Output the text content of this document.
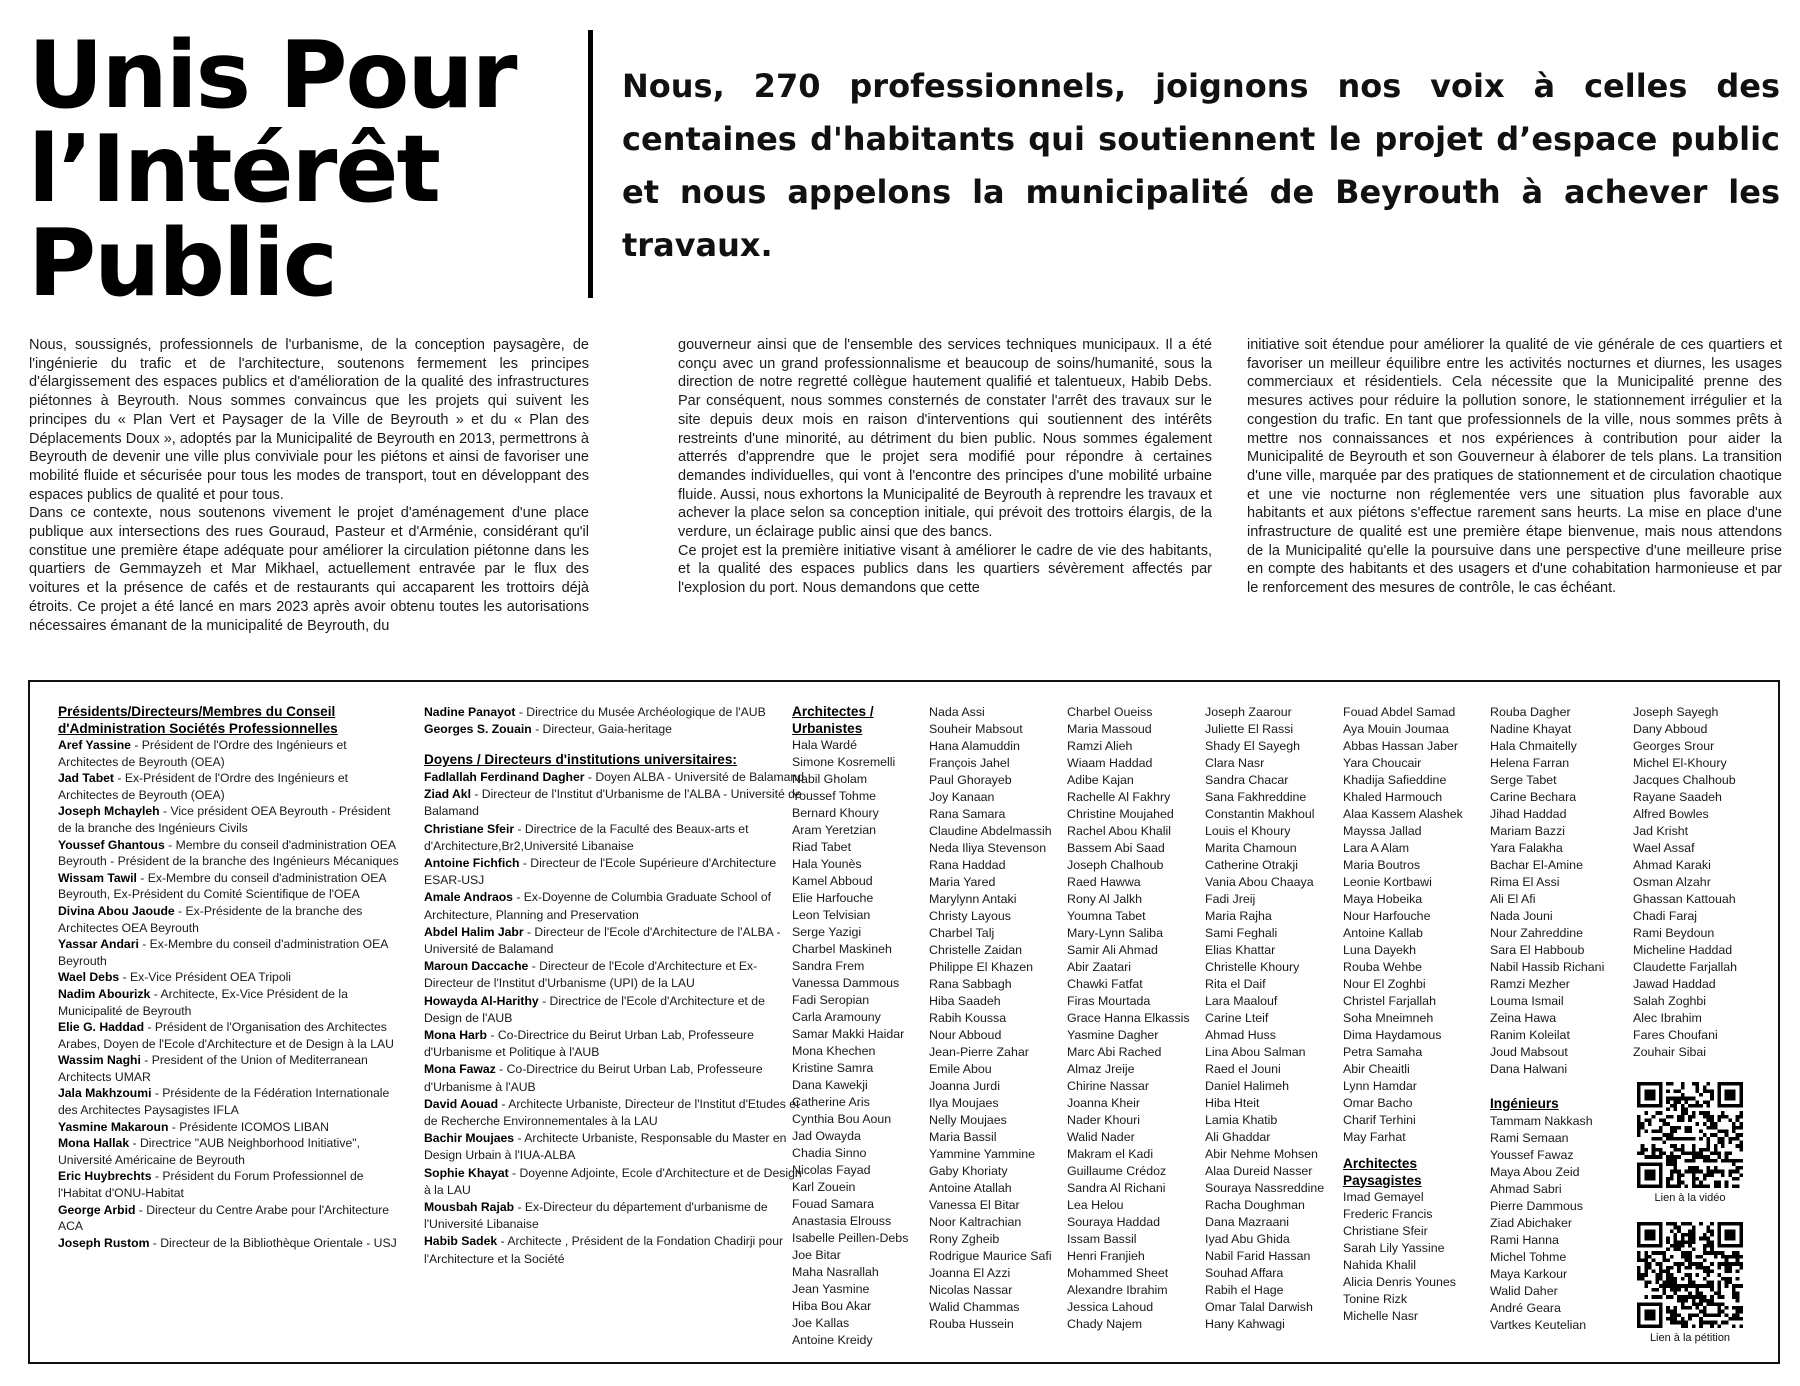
Unis Pour
l’Intérêt
Public
Nous, 270 professionnels, joignons nos voix à celles des centaines d'habitants qui soutiennent le projet d’espace public et nous appelons la municipalité de Beyrouth à achever les travaux.

Nous, soussignés, professionnels de l'urbanisme, de la conception paysagère, de l'ingénierie du trafic et de l'architecture, soutenons fermement les principes d'élargissement des espaces publics et d'amélioration de la qualité des infrastructures piétonnes à Beyrouth. Nous sommes convaincus que les projets qui suivent les principes du « Plan Vert et Paysager de la Ville de Beyrouth » et du « Plan des Déplacements Doux », adoptés par la Municipalité de Beyrouth en 2013, permettrons à Beyrouth de devenir une ville plus conviviale pour les piétons et ainsi de favoriser une mobilité fluide et sécurisée pour tous les modes de transport, tout en développant des espaces publics de qualité et pour tous.

Dans ce contexte, nous soutenons vivement le projet d'aménagement d'une place publique aux intersections des rues Gouraud, Pasteur et d'Arménie, considérant qu'il constitue une première étape adéquate pour améliorer la circulation piétonne dans les quartiers de Gemmayzeh et Mar Mikhael, actuellement entravée par le flux des voitures et la présence de cafés et de restaurants qui accaparent les trottoirs déjà étroits. Ce projet a été lancé en mars 2023 après avoir obtenu toutes les autorisations nécessaires émanant de la municipalité de Beyrouth, du

gouverneur ainsi que de l'ensemble des services techniques municipaux. Il a été conçu avec un grand professionnalisme et beaucoup de soins/humanité, sous la direction de notre regretté collègue hautement qualifié et talentueux, Habib Debs. Par conséquent, nous sommes consternés de constater l'arrêt des travaux sur le site depuis deux mois en raison d'interventions qui soutiennent des intérêts restreints d'une minorité, au détriment du bien public. Nous sommes également atterrés d'apprendre que le projet sera modifié pour répondre à certaines demandes individuelles, qui vont à l'encontre des principes d'une mobilité urbaine fluide. Aussi, nous exhortons la Municipalité de Beyrouth à reprendre les travaux et achever la place selon sa conception initiale, qui prévoit des trottoirs élargis, de la verdure, un éclairage public ainsi que des bancs.

Ce projet est la première initiative visant à améliorer le cadre de vie des habitants, et la qualité des espaces publics dans les quartiers sévèrement affectés par l'explosion du port. Nous demandons que cette

initiative soit étendue pour améliorer la qualité de vie générale de ces quartiers et favoriser un meilleur équilibre entre les activités nocturnes et diurnes, les usages commerciaux et résidentiels. Cela nécessite que la Municipalité prenne des mesures actives pour réduire la pollution sonore, le stationnement irrégulier et la congestion du trafic. En tant que professionnels de la ville, nous sommes prêts à mettre nos connaissances et nos expériences à contribution pour aider la Municipalité de Beyrouth et son Gouverneur à élaborer de tels plans. La transition d'une ville, marquée par des pratiques de stationnement et de circulation chaotique et une vie nocturne non réglementée vers une situation plus favorable aux habitants et aux piétons s'effectue rarement sans heurts. La mise en place d'une infrastructure de qualité est une première étape bienvenue, mais nous attendons de la Municipalité qu'elle la poursuive dans une perspective d'une meilleure prise en compte des habitants et des usagers et d'une cohabitation harmonieuse et par le renforcement des mesures de contrôle, le cas échéant.

Présidents/Directeurs/Membres du Conseil d'Administration Sociétés Professionnelles
Aref Yassine - Président de l'Ordre des Ingénieurs et Architectes de Beyrouth (OEA)
Jad Tabet - Ex-Président de l'Ordre des Ingénieurs et Architectes de Beyrouth (OEA)
Joseph Mchayleh - Vice président OEA Beyrouth - Président de la branche des Ingénieurs Civils
Youssef Ghantous - Membre du conseil d'administration OEA Beyrouth - Président de la branche des Ingénieurs Mécaniques
Wissam Tawil - Ex-Membre du conseil d'administration OEA Beyrouth, Ex-Président du Comité Scientifique de l'OEA
Divina Abou Jaoude - Ex-Présidente de la branche des Architectes OEA Beyrouth
Yassar Andari - Ex-Membre du conseil d'administration OEA Beyrouth
Wael Debs - Ex-Vice Président OEA Tripoli
Nadim Abourizk - Architecte, Ex-Vice Président de la Municipalité de Beyrouth
Elie G. Haddad - Président de l'Organisation des Architectes Arabes, Doyen de l'Ecole d'Architecture et de Design à la LAU
Wassim Naghi - President of the Union of Mediterranean Architects UMAR
Jala Makhzoumi - Présidente de la Fédération Internationale des Architectes Paysagistes IFLA
Yasmine Makaroun - Présidente ICOMOS LIBAN
Mona Hallak - Directrice "AUB Neighborhood Initiative", Université Américaine de Beyrouth
Eric Huybrechts - Président du Forum Professionnel de l'Habitat d'ONU-Habitat
George Arbid - Directeur du Centre Arabe pour l'Architecture ACA
Joseph Rustom - Directeur de la Bibliothèque Orientale - USJ
Nadine Panayot - Directrice du Musée Archéologique de l'AUB
Georges S. Zouain - Directeur, Gaia-heritage
Doyens / Directeurs d'institutions universitaires:
Fadlallah Ferdinand Dagher - Doyen ALBA - Université de Balamand
Ziad Akl - Directeur de l'Institut d'Urbanisme de l'ALBA - Université de Balamand
Christiane Sfeir - Directrice de la Faculté des Beaux-arts et d'Architecture,Br2,Université Libanaise
Antoine Fichfich - Directeur de l'Ecole Supérieure d'Architecture ESAR-USJ
Amale Andraos - Ex-Doyenne de Columbia Graduate School of Architecture, Planning and Preservation
Abdel Halim Jabr - Directeur de l'Ecole d'Architecture de l'ALBA - Université de Balamand
Maroun Daccache - Directeur de l'Ecole d'Architecture et Ex-Directeur de l'Institut d'Urbanisme (UPI) de la LAU
Howayda Al-Harithy - Directrice de l'Ecole d'Architecture et de Design de l'AUB
Mona Harb - Co-Directrice du Beirut Urban Lab, Professeure d'Urbanisme et Politique à l'AUB
Mona Fawaz - Co-Directrice du Beirut Urban Lab, Professeure d'Urbanisme à l'AUB
David Aouad - Architecte Urbaniste, Directeur de l'Institut d'Etudes et de Recherche Environnementales à la LAU
Bachir Moujaes - Architecte Urbaniste, Responsable du Master en Design Urbain à l'IUA-ALBA
Sophie Khayat - Doyenne Adjointe, Ecole d'Architecture et de Design à la LAU
Mousbah Rajab - Ex-Directeur du département d'urbanisme de l'Université Libanaise
Habib Sadek - Architecte , Président de la Fondation Chadirji pour l'Architecture et la Société
Architectes / Urbanistes
Hala Wardé
Simone Kosremelli
Nabil Gholam
Youssef Tohme
Bernard Khoury
Aram Yeretzian
Riad Tabet
Hala Younès
Kamel Abboud
Elie Harfouche
Leon Telvisian
Serge Yazigi
Charbel Maskineh
Sandra Frem
Vanessa Dammous
Fadi Seropian
Carla Aramouny
Samar Makki Haidar
Mona Khechen
Kristine Samra
Dana Kawekji
Catherine Aris
Cynthia Bou Aoun
Jad Owayda
Chadia Sinno
Nicolas Fayad
Karl Zouein
Fouad Samara
Anastasia Elrouss
Isabelle Peillen-Debs
Joe Bitar
Maha Nasrallah
Jean Yasmine
Hiba Bou Akar
Joe Kallas
Antoine Kreidy
Nada Assi
Souheir Mabsout
Hana Alamuddin
François Jahel
Paul Ghorayeb
Joy Kanaan
Rana Samara
Claudine Abdelmassih
Neda Iliya Stevenson
Rana Haddad
Maria Yared
Marylynn Antaki
Christy Layous
Charbel Talj
Christelle Zaidan
Philippe El Khazen
Rana Sabbagh
Hiba Saadeh
Rabih Koussa
Nour Abboud
Jean-Pierre Zahar
Emile Abou
Joanna Jurdi
Ilya Moujaes
Nelly Moujaes
Maria Bassil
Yammine Yammine
Gaby Khoriaty
Antoine Atallah
Vanessa El Bitar
Noor Kaltrachian
Rony Zgheib
Rodrigue Maurice Safi
Joanna El Azzi
Nicolas Nassar
Walid Chammas
Rouba Hussein
Charbel Oueiss
Maria Massoud
Ramzi Alieh
Wiaam Haddad
Adibe Kajan
Rachelle Al Fakhry
Christine Moujahed
Rachel Abou Khalil
Bassem Abi Saad
Joseph Chalhoub
Raed Hawwa
Rony Al Jalkh
Youmna Tabet
Mary-Lynn Saliba
Samir Ali Ahmad
Abir Zaatari
Chawki Fatfat
Firas Mourtada
Grace Hanna Elkassis
Yasmine Dagher
Marc Abi Rached
Almaz Jreije
Chirine Nassar
Joanna Kheir
Nader Khouri
Walid Nader
Makram el Kadi
Guillaume Crédoz
Sandra Al Richani
Lea Helou
Souraya Haddad
Issam Bassil
Henri Franjieh
Mohammed Sheet
Alexandre Ibrahim
Jessica Lahoud
Chady Najem
Joseph Zaarour
Juliette El Rassi
Shady El Sayegh
Clara Nasr
Sandra Chacar
Sana Fakhreddine
Constantin Makhoul
Louis el Khoury
Marita Chamoun
Catherine Otrakji
Vania Abou Chaaya
Fadi Jreij
Maria Rajha
Sami Feghali
Elias Khattar
Christelle Khoury
Rita el Daif
Lara Maalouf
Carine Lteif
Ahmad Huss
Lina Abou Salman
Raed el Jouni
Daniel Halimeh
Hiba Hteit
Lamia Khatib
Ali Ghaddar
Abir Nehme Mohsen
Alaa Dureid Nasser
Souraya Nassreddine
Racha Doughman
Dana Mazraani
Iyad Abu Ghida
Nabil Farid Hassan
Souhad Affara
Rabih el Hage
Omar Talal Darwish
Hany Kahwagi
Fouad Abdel Samad
Aya Mouin Joumaa
Abbas Hassan Jaber
Yara Choucair
Khadija Safieddine
Khaled Harmouch
Alaa Kassem Alashek
Mayssa Jallad
Lara A Alam
Maria Boutros
Leonie Kortbawi
Maya Hobeika
Nour Harfouche
Antoine Kallab
Luna Dayekh
Rouba Wehbe
Nour El Zoghbi
Christel Farjallah
Soha Mneimneh
Dima Haydamous
Petra Samaha
Abir Cheaitli
Lynn Hamdar
Omar Bacho
Charif Terhini
May Farhat
Architectes Paysagistes
Imad Gemayel
Frederic Francis
Christiane Sfeir
Sarah Lily Yassine
Nahida Khalil
Alicia Denris Younes
Tonine Rizk
Michelle Nasr
Rouba Dagher
Nadine Khayat
Hala Chmaitelly
Helena Farran
Serge Tabet
Carine Bechara
Jihad Haddad
Mariam Bazzi
Yara Falakha
Bachar El-Amine
Rima El Assi
Ali El Afi
Nada Jouni
Nour Zahreddine
Sara El Habboub
Nabil Hassib Richani
Ramzi Mezher
Louma Ismail
Zeina Hawa
Ranim Koleilat
Joud Mabsout
Dana Halwani
Ingénieurs
Tammam Nakkash
Rami Semaan
Youssef Fawaz
Maya Abou Zeid
Ahmad Sabri
Pierre Dammous
Ziad Abichaker
Rami Hanna
Michel Tohme
Maya Karkour
Walid Daher
André Geara
Vartkes Keutelian
Joseph Sayegh
Dany Abboud
Georges Srour
Michel El-Khoury
Jacques Chalhoub
Rayane Saadeh
Alfred Bowles
Jad Krisht
Wael Assaf
Ahmad Karaki
Osman Alzahr
Ghassan Kattouah
Chadi Faraj
Rami Beydoun
Micheline Haddad
Claudette Farjallah
Jawad Haddad
Salah Zoghbi
Alec Ibrahim
Fares Choufani
Zouhair Sibai
Lien à la vidéo
Lien à la pétition
